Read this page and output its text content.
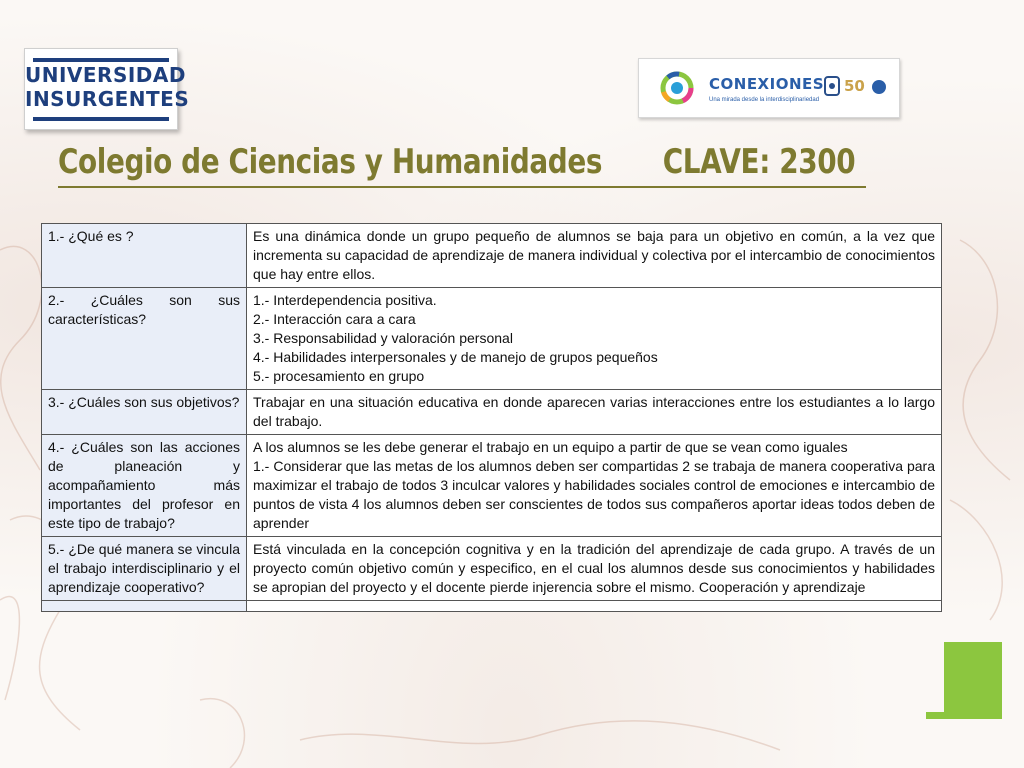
UNIVERSIDAD
INSURGENTES
CONEXIONES
Una mirada desde la interdisciplinariedad
50
Colegio de Ciencias y Humanidades CLAVE: 2300
1.- ¿Qué es ?	Es una dinámica donde un grupo pequeño de alumnos se baja para un objetivo en común, a la vez que incrementa su capacidad de aprendizaje de manera individual y colectiva por el intercambio de conocimientos que hay entre ellos.

2.- ¿Cuáles son sus características?	1.- Interdependencia positiva.
2.- Interacción cara a cara
3.- Responsabilidad y valoración personal
4.- Habilidades interpersonales y de manejo de grupos pequeños
5.- procesamiento en grupo

3.- ¿Cuáles son sus objetivos?	Trabajar en una situación educativa en donde aparecen varias interacciones entre los estudiantes a lo largo del trabajo.

4.- ¿Cuáles son las acciones de planeación y acompañamiento más importantes del profesor en este tipo de trabajo?	A los alumnos se les debe generar el trabajo en un equipo a partir de que se vean como iguales
1.- Considerar que las metas de los alumnos deben ser compartidas 2 se trabaja de manera cooperativa para maximizar el trabajo de todos 3 inculcar valores y habilidades sociales control de emociones e intercambio de puntos de vista 4 los alumnos deben ser conscientes de todos sus compañeros aportar ideas todos deben de aprender

5.- ¿De qué manera se vincula el trabajo interdisciplinario y el aprendizaje cooperativo?	Está vinculada en la concepción cognitiva y en la tradición del aprendizaje de cada grupo. A través de un proyecto común objetivo común y especifico, en el cual los alumnos desde sus conocimientos y habilidades se apropian del proyecto y el docente pierde injerencia sobre el mismo. Cooperación y aprendizaje
